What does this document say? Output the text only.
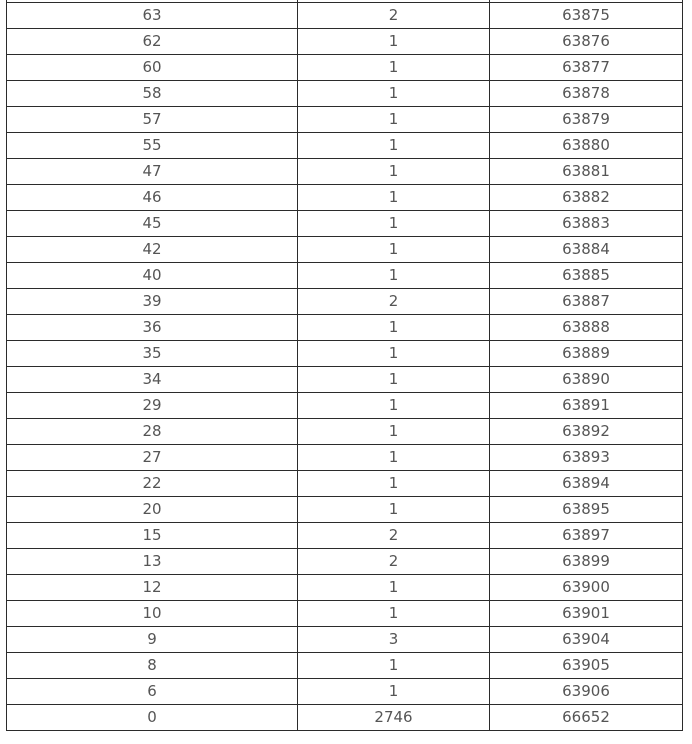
63	2	63875
62	1	63876
60	1	63877
58	1	63878
57	1	63879
55	1	63880
47	1	63881
46	1	63882
45	1	63883
42	1	63884
40	1	63885
39	2	63887
36	1	63888
35	1	63889
34	1	63890
29	1	63891
28	1	63892
27	1	63893
22	1	63894
20	1	63895
15	2	63897
13	2	63899
12	1	63900
10	1	63901
9	3	63904
8	1	63905
6	1	63906
0	2746	66652
